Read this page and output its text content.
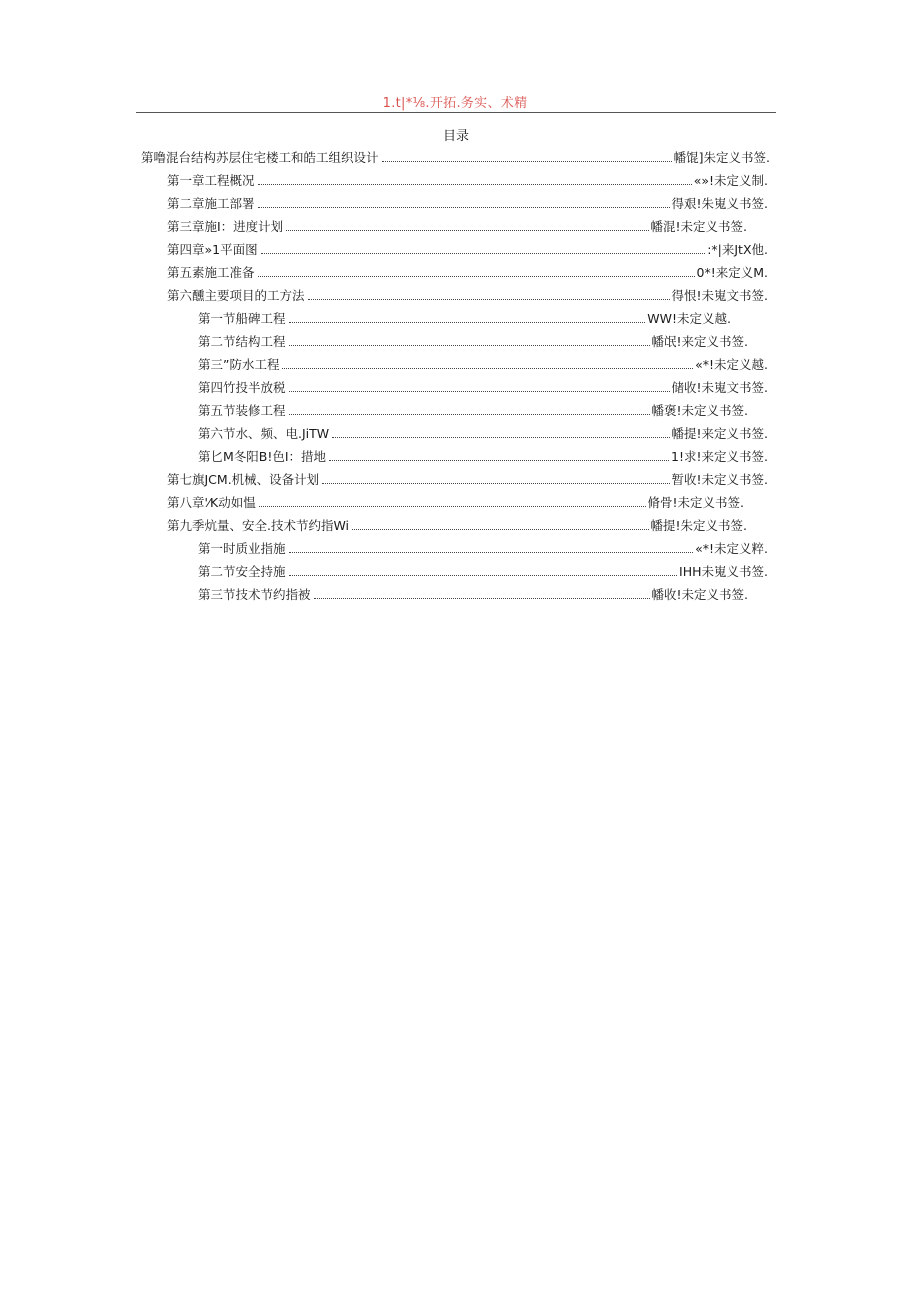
1.t|*⅛.开拓.务实、术精
目录
第噜混台结构苏层住宅楼工和皓工组织设计	幡馄]朱定义书签.
第一章工程概况	«»!未定义制.
第二章施工部署	得艰!朱嵬义书签.
第三章施I：进度计划	幡混!未定义书签.
第四章»1平面图	:*|来JtX他.
第五素施工准备	0*!来定义M.
第六醺主要项目的工方法	得恨!未嵬文书签.
第一节船碑工程	WW!未定义越.
第二节结构工程	幡氓!来定义书签.
第三”防水工程	«*!未定义越.
第四竹投半放税	储收!未嵬文书签.
第五节装修工程	幡褒!未定义书签.
第六节水、频、电.JiTW	幡提!来定义书签.
第匕M冬阳B!色I：措地	1!求!来定义书签.
第七旗JCM.机械、设备计划	暂收!未定义书签.
第八章'⁄K动如愠	脩骨!未定义书签.
第九季炕量、安全.技术节约指Wi	幡提!朱定义书签.
第一时质业指施	«*!未定义粹.
第二节安全持施	IHH未嵬义书签.
第三节技术节约指被	幡收!未定义书签.
